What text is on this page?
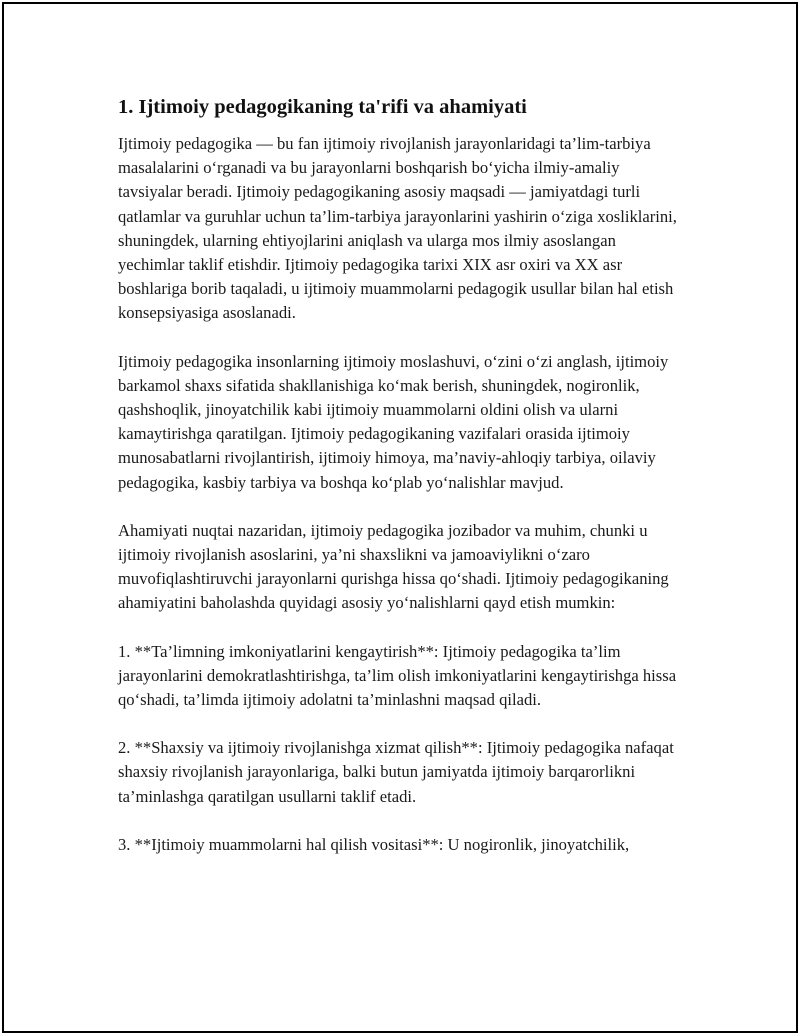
1. Ijtimoiy pedagogikaning ta'rifi va ahamiyati

Ijtimoiy pedagogika — bu fan ijtimoiy rivojlanish jarayonlaridagi ta’lim-tarbiya masalalarini o‘rganadi va bu jarayonlarni boshqarish bo‘yicha ilmiy-amaliy tavsiyalar beradi. Ijtimoiy pedagogikaning asosiy maqsadi — jamiyatdagi turli qatlamlar va guruhlar uchun ta’lim-tarbiya jarayonlarini yashirin o‘ziga xosliklarini, shuningdek, ularning ehtiyojlarini aniqlash va ularga mos ilmiy asoslangan yechimlar taklif etishdir. Ijtimoiy pedagogika tarixi XIX asr oxiri va XX asr boshlariga borib taqaladi, u ijtimoiy muammolarni pedagogik usullar bilan hal etish konsepsiyasiga asoslanadi.

Ijtimoiy pedagogika insonlarning ijtimoiy moslashuvi, o‘zini o‘zi anglash, ijtimoiy barkamol shaxs sifatida shakllanishiga ko‘mak berish, shuningdek, nogironlik, qashshoqlik, jinoyatchilik kabi ijtimoiy muammolarni oldini olish va ularni kamaytirishga qaratilgan. Ijtimoiy pedagogikaning vazifalari orasida ijtimoiy munosabatlarni rivojlantirish, ijtimoiy himoya, ma’naviy-ahloqiy tarbiya, oilaviy pedagogika, kasbiy tarbiya va boshqa ko‘plab yo‘nalishlar mavjud.

Ahamiyati nuqtai nazaridan, ijtimoiy pedagogika jozibador va muhim, chunki u ijtimoiy rivojlanish asoslarini, ya’ni shaxslikni va jamoaviylikni o‘zaro muvofiqlashtiruvchi jarayonlarni qurishga hissa qo‘shadi. Ijtimoiy pedagogikaning ahamiyatini baholashda quyidagi asosiy yo‘nalishlarni qayd etish mumkin:

1. **Ta’limning imkoniyatlarini kengaytirish**: Ijtimoiy pedagogika ta’lim jarayonlarini demokratlashtirishga, ta’lim olish imkoniyatlarini kengaytirishga hissa qo‘shadi, ta’limda ijtimoiy adolatni ta’minlashni maqsad qiladi.

2. **Shaxsiy va ijtimoiy rivojlanishga xizmat qilish**: Ijtimoiy pedagogika nafaqat shaxsiy rivojlanish jarayonlariga, balki butun jamiyatda ijtimoiy barqarorlikni ta’minlashga qaratilgan usullarni taklif etadi.

3. **Ijtimoiy muammolarni hal qilish vositasi**: U nogironlik, jinoyatchilik,
